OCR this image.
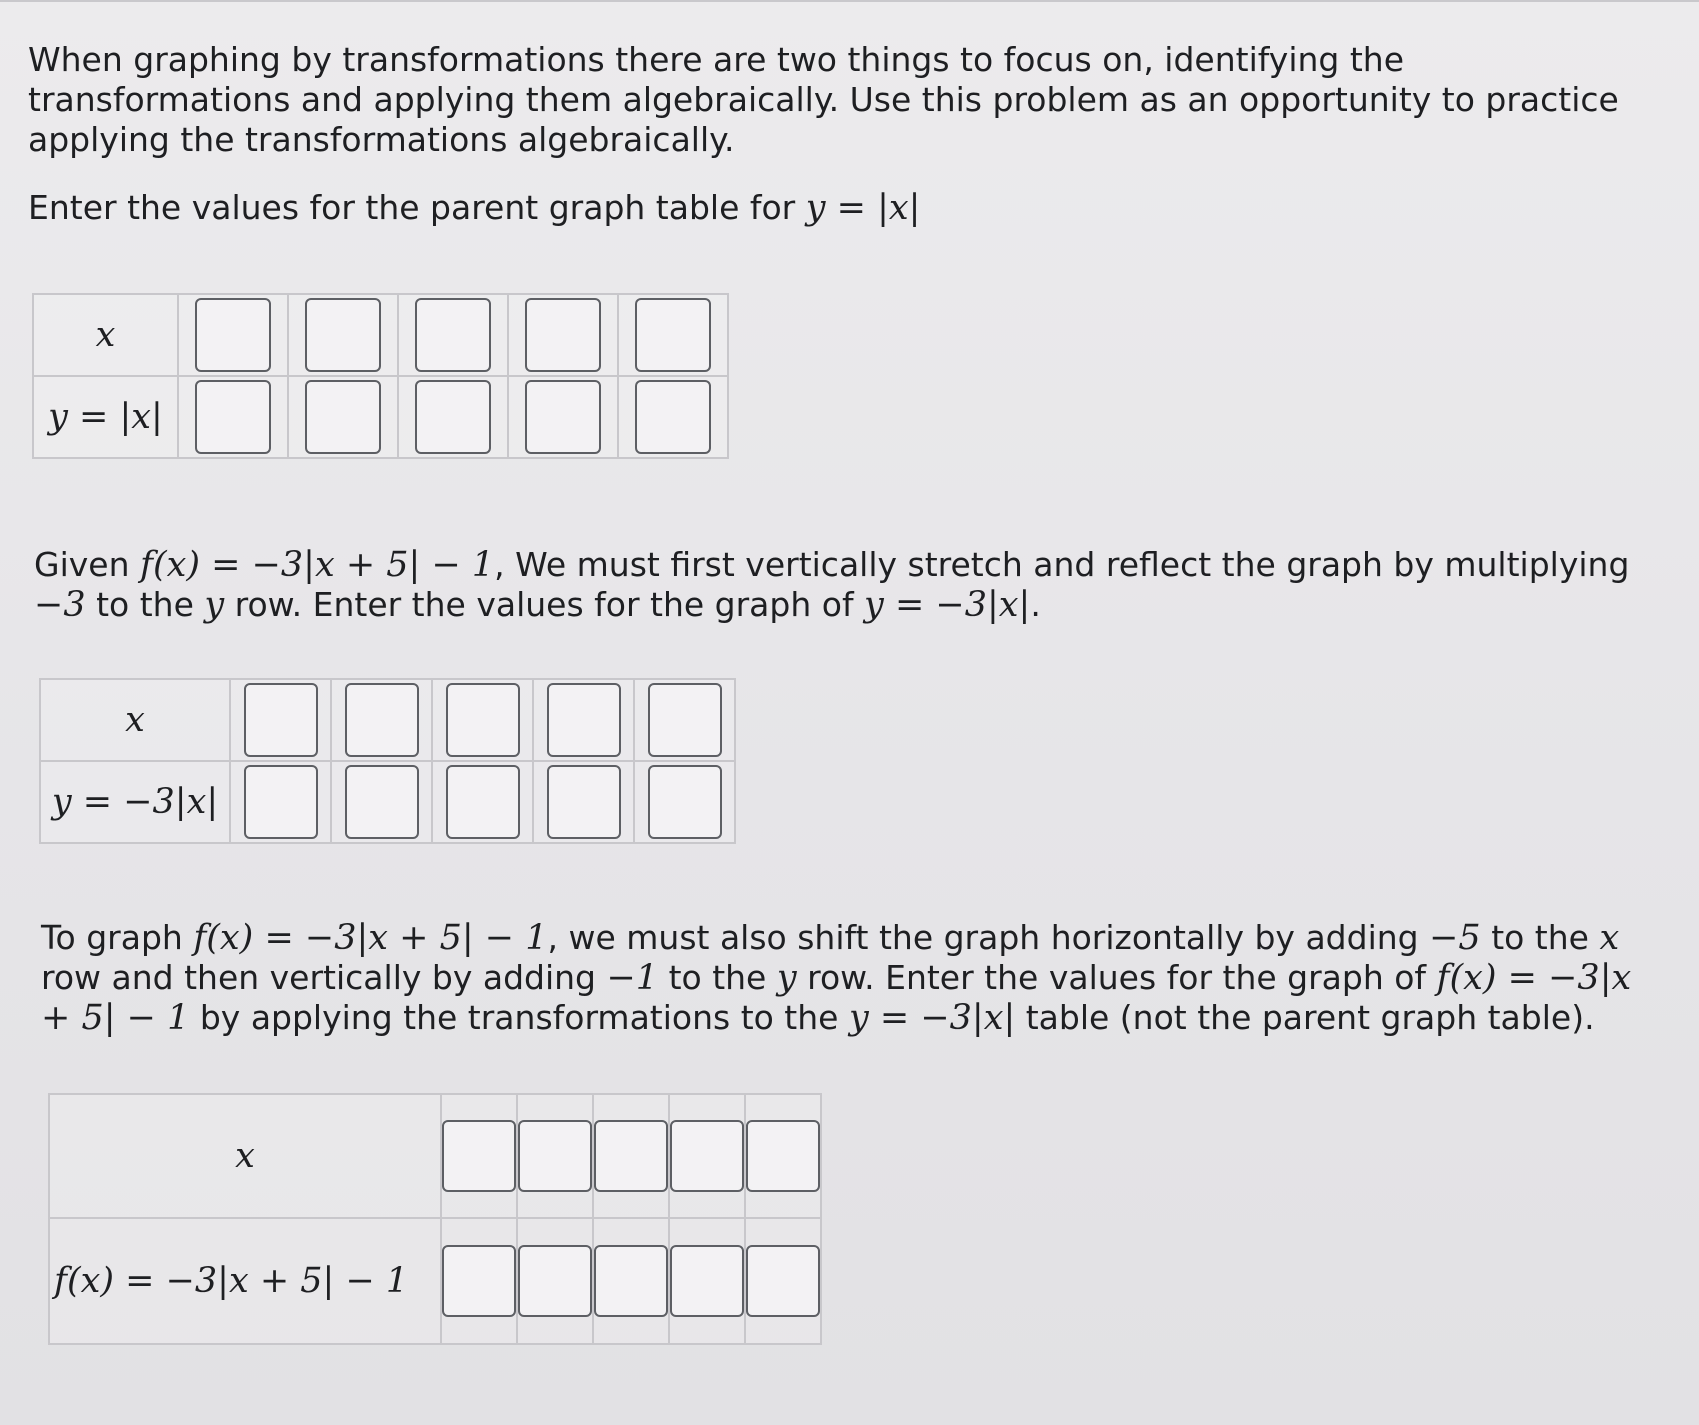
When graphing by transformations there are two things to focus on, identifying the transformations and applying them algebraically. Use this problem as an opportunity to practice applying the transformations algebraically.

Enter the values for the parent graph table for y = |x|

x	

y = |x|	

Given f(x) = −3|x + 5| − 1, We must first vertically stretch and reflect the graph by multiplying −3 to the y row. Enter the values for the graph of y = −3|x|.

x	

y = −3|x|	

To graph f(x) = −3|x + 5| − 1, we must also shift the graph horizontally by adding −5 to the x row and then vertically by adding −1 to the y row. Enter the values for the graph of f(x) = −3|x + 5| − 1 by applying the transformations to the y = −3|x| table (not the parent graph table).

x	

f(x) = −3|x + 5| − 1	
